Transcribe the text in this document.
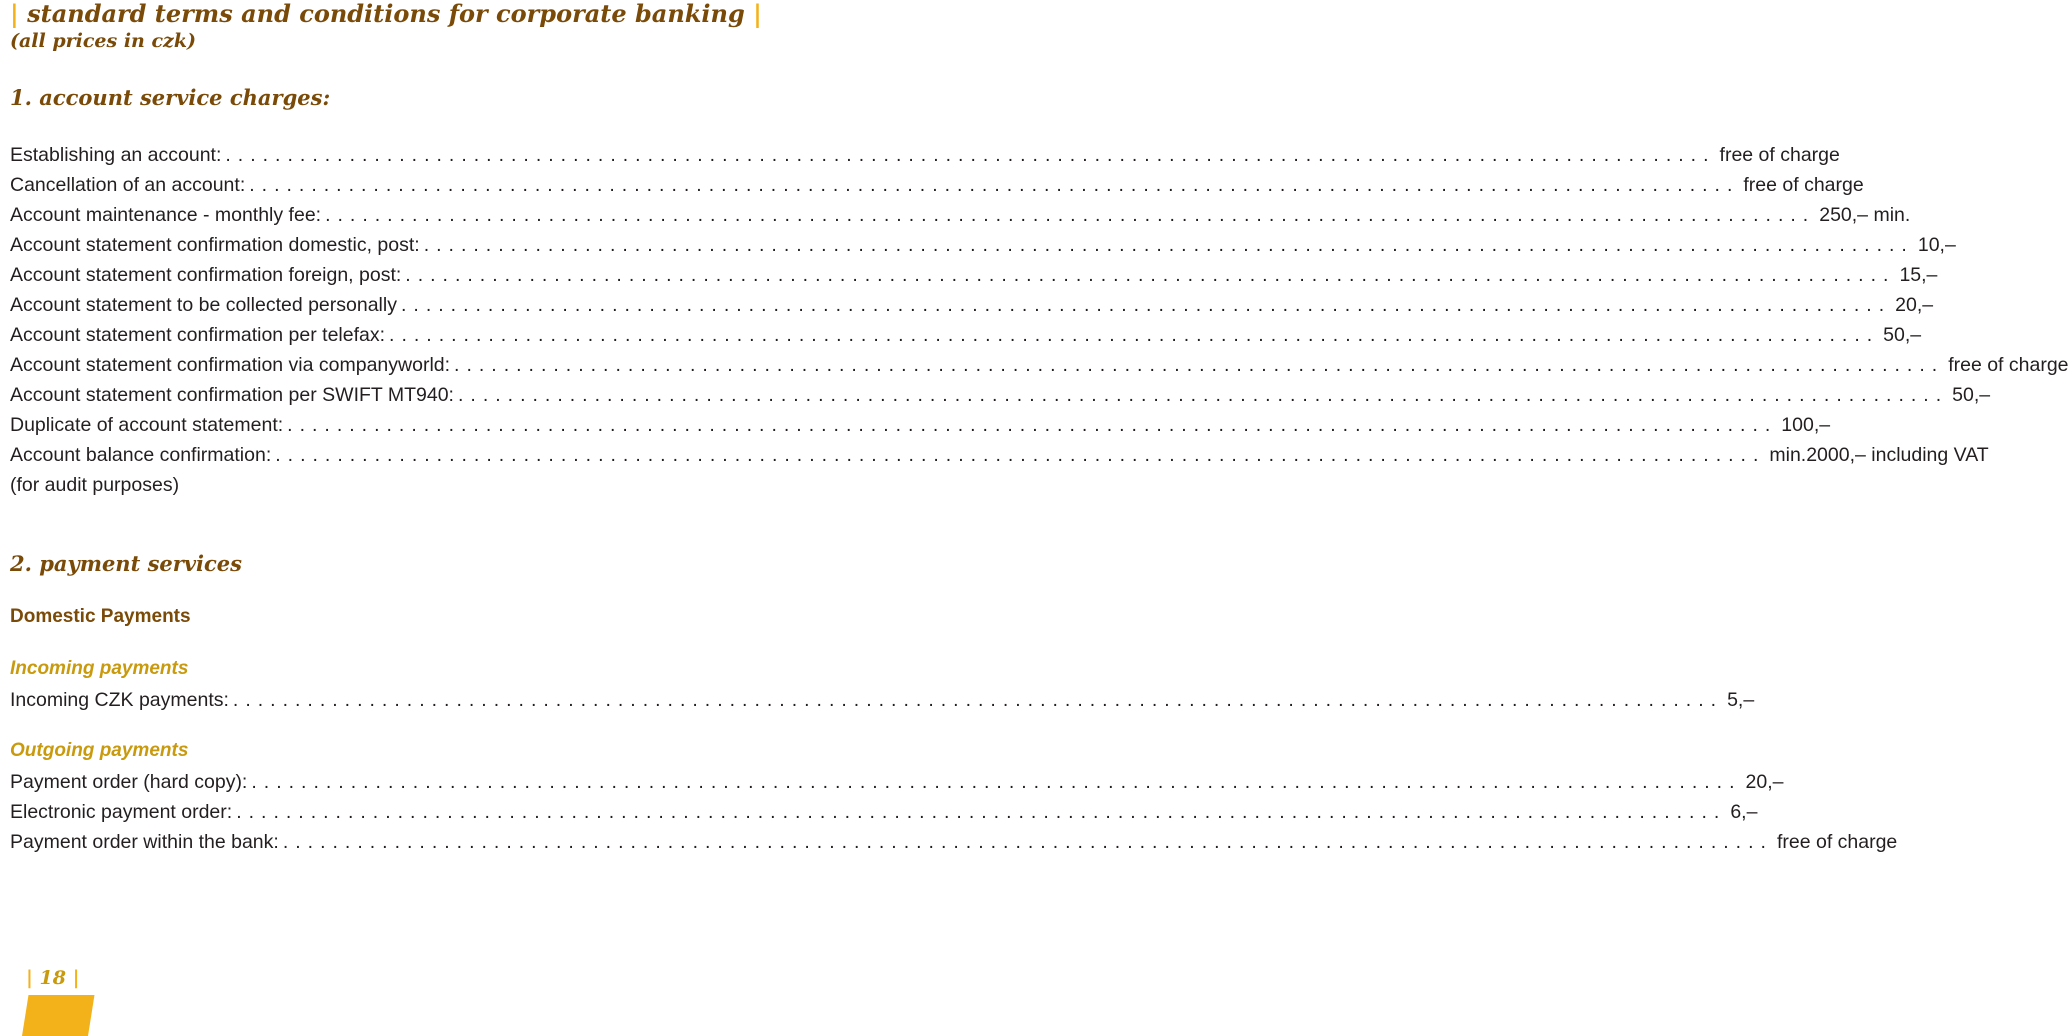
| standard terms and conditions for corporate banking |
(all prices in czk)
1. account service charges:
Establishing an account: ........................................................................................................................ free of charge
Cancellation of an account: ........................................................................................................................ free of charge
Account maintenance - monthly fee: ........................................................................................................................ 250,– min.
Account statement confirmation domestic, post: ........................................................................................................................ 10,–
Account statement confirmation foreign, post: ........................................................................................................................ 15,–
Account statement to be collected personally ........................................................................................................................ 20,–
Account statement confirmation per telefax: ........................................................................................................................ 50,–
Account statement confirmation via companyworld: ........................................................................................................................ free of charge
Account statement confirmation per SWIFT MT940: ........................................................................................................................ 50,–
Duplicate of account statement: ........................................................................................................................ 100,–
Account balance confirmation: ........................................................................................................................ min.2000,– including VAT
(for audit purposes)
2. payment services
Domestic Payments
Incoming payments
Incoming CZK payments: ........................................................................................................................ 5,–
Outgoing payments
Payment order (hard copy): ........................................................................................................................ 20,–
Electronic payment order: ........................................................................................................................ 6,–
Payment order within the bank: ........................................................................................................................ free of charge
| 18 |
